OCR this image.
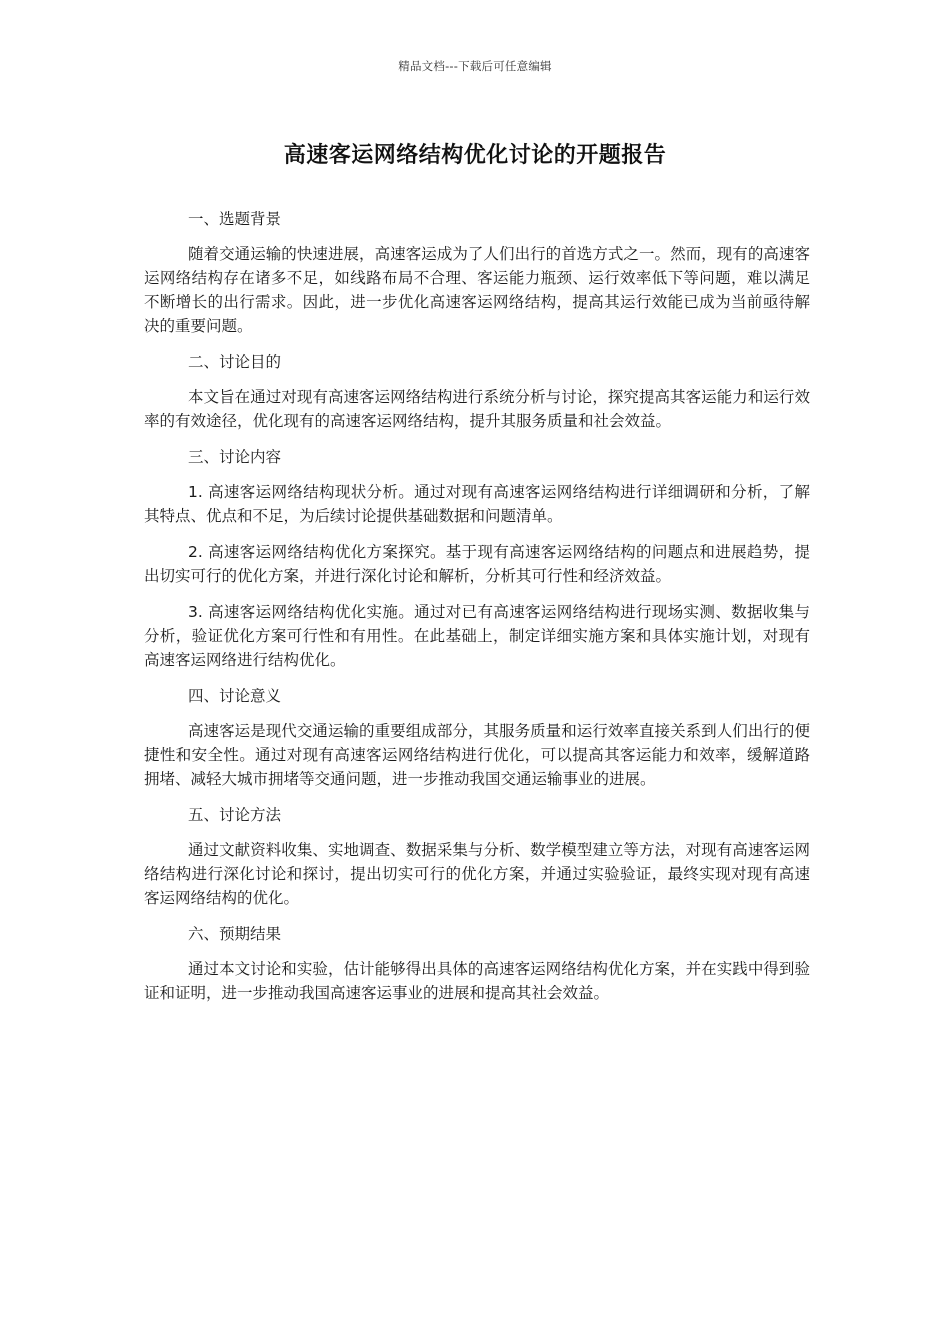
精品文档---下载后可任意编辑
高速客运网络结构优化讨论的开题报告

一、选题背景

随着交通运输的快速进展，高速客运成为了人们出行的首选方式之一。然而，现有的高速客运网络结构存在诸多不足，如线路布局不合理、客运能力瓶颈、运行效率低下等问题，难以满足不断增长的出行需求。因此，进一步优化高速客运网络结构，提高其运行效能已成为当前亟待解决的重要问题。

二、讨论目的

本文旨在通过对现有高速客运网络结构进行系统分析与讨论，探究提高其客运能力和运行效率的有效途径，优化现有的高速客运网络结构，提升其服务质量和社会效益。

三、讨论内容

1. 高速客运网络结构现状分析。通过对现有高速客运网络结构进行详细调研和分析，了解其特点、优点和不足，为后续讨论提供基础数据和问题清单。

2. 高速客运网络结构优化方案探究。基于现有高速客运网络结构的问题点和进展趋势，提出切实可行的优化方案，并进行深化讨论和解析，分析其可行性和经济效益。

3. 高速客运网络结构优化实施。通过对已有高速客运网络结构进行现场实测、数据收集与分析，验证优化方案可行性和有用性。在此基础上，制定详细实施方案和具体实施计划，对现有高速客运网络进行结构优化。

四、讨论意义

高速客运是现代交通运输的重要组成部分，其服务质量和运行效率直接关系到人们出行的便捷性和安全性。通过对现有高速客运网络结构进行优化，可以提高其客运能力和效率，缓解道路拥堵、减轻大城市拥堵等交通问题，进一步推动我国交通运输事业的进展。

五、讨论方法

通过文献资料收集、实地调查、数据采集与分析、数学模型建立等方法，对现有高速客运网络结构进行深化讨论和探讨，提出切实可行的优化方案，并通过实验验证，最终实现对现有高速客运网络结构的优化。

六、预期结果

通过本文讨论和实验，估计能够得出具体的高速客运网络结构优化方案，并在实践中得到验证和证明，进一步推动我国高速客运事业的进展和提高其社会效益。
